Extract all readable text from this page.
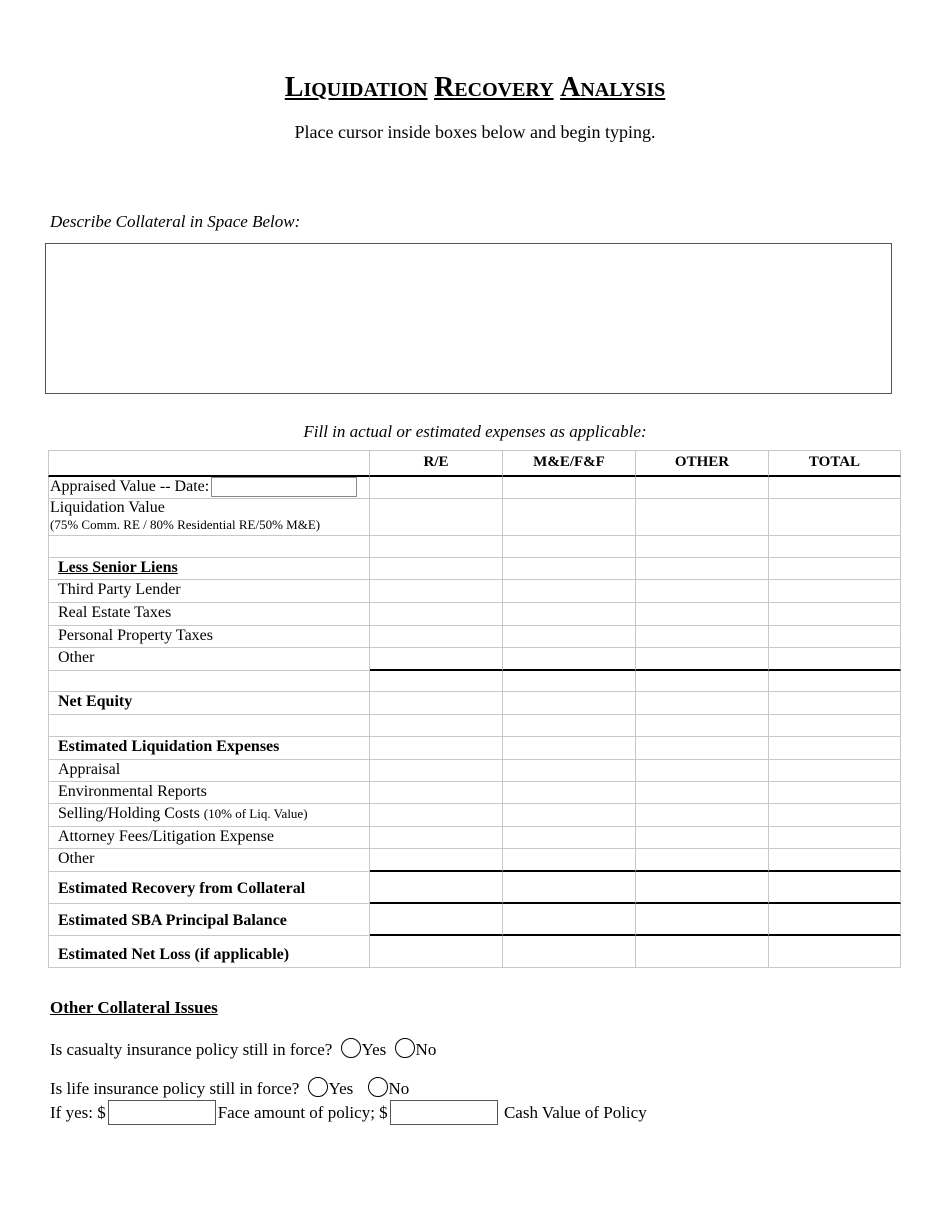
LIQUIDATION RECOVERY ANALYSIS
Place cursor inside boxes below and begin typing.
Describe Collateral in Space Below:
Fill in actual or estimated expenses as applicable:
R/E	M&E/F&F	OTHER	TOTAL
Appraised Value -- Date:
Liquidation Value
(75% Comm. RE / 80% Residential RE/50% M&E)
Less Senior Liens
Third Party Lender
Real Estate Taxes
Personal Property Taxes
Other
Net Equity
Estimated Liquidation Expenses
Appraisal
Environmental Reports
Selling/Holding Costs (10% of Liq. Value)
Attorney Fees/Litigation Expense
Other
Estimated Recovery from Collateral
Estimated SBA Principal Balance
Estimated Net Loss (if applicable)
Other Collateral Issues
Is casualty insurance policy still in force? Yes No
Is life insurance policy still in force? Yes No
If yes: $	Face amount of policy; $	Cash Value of Policy
